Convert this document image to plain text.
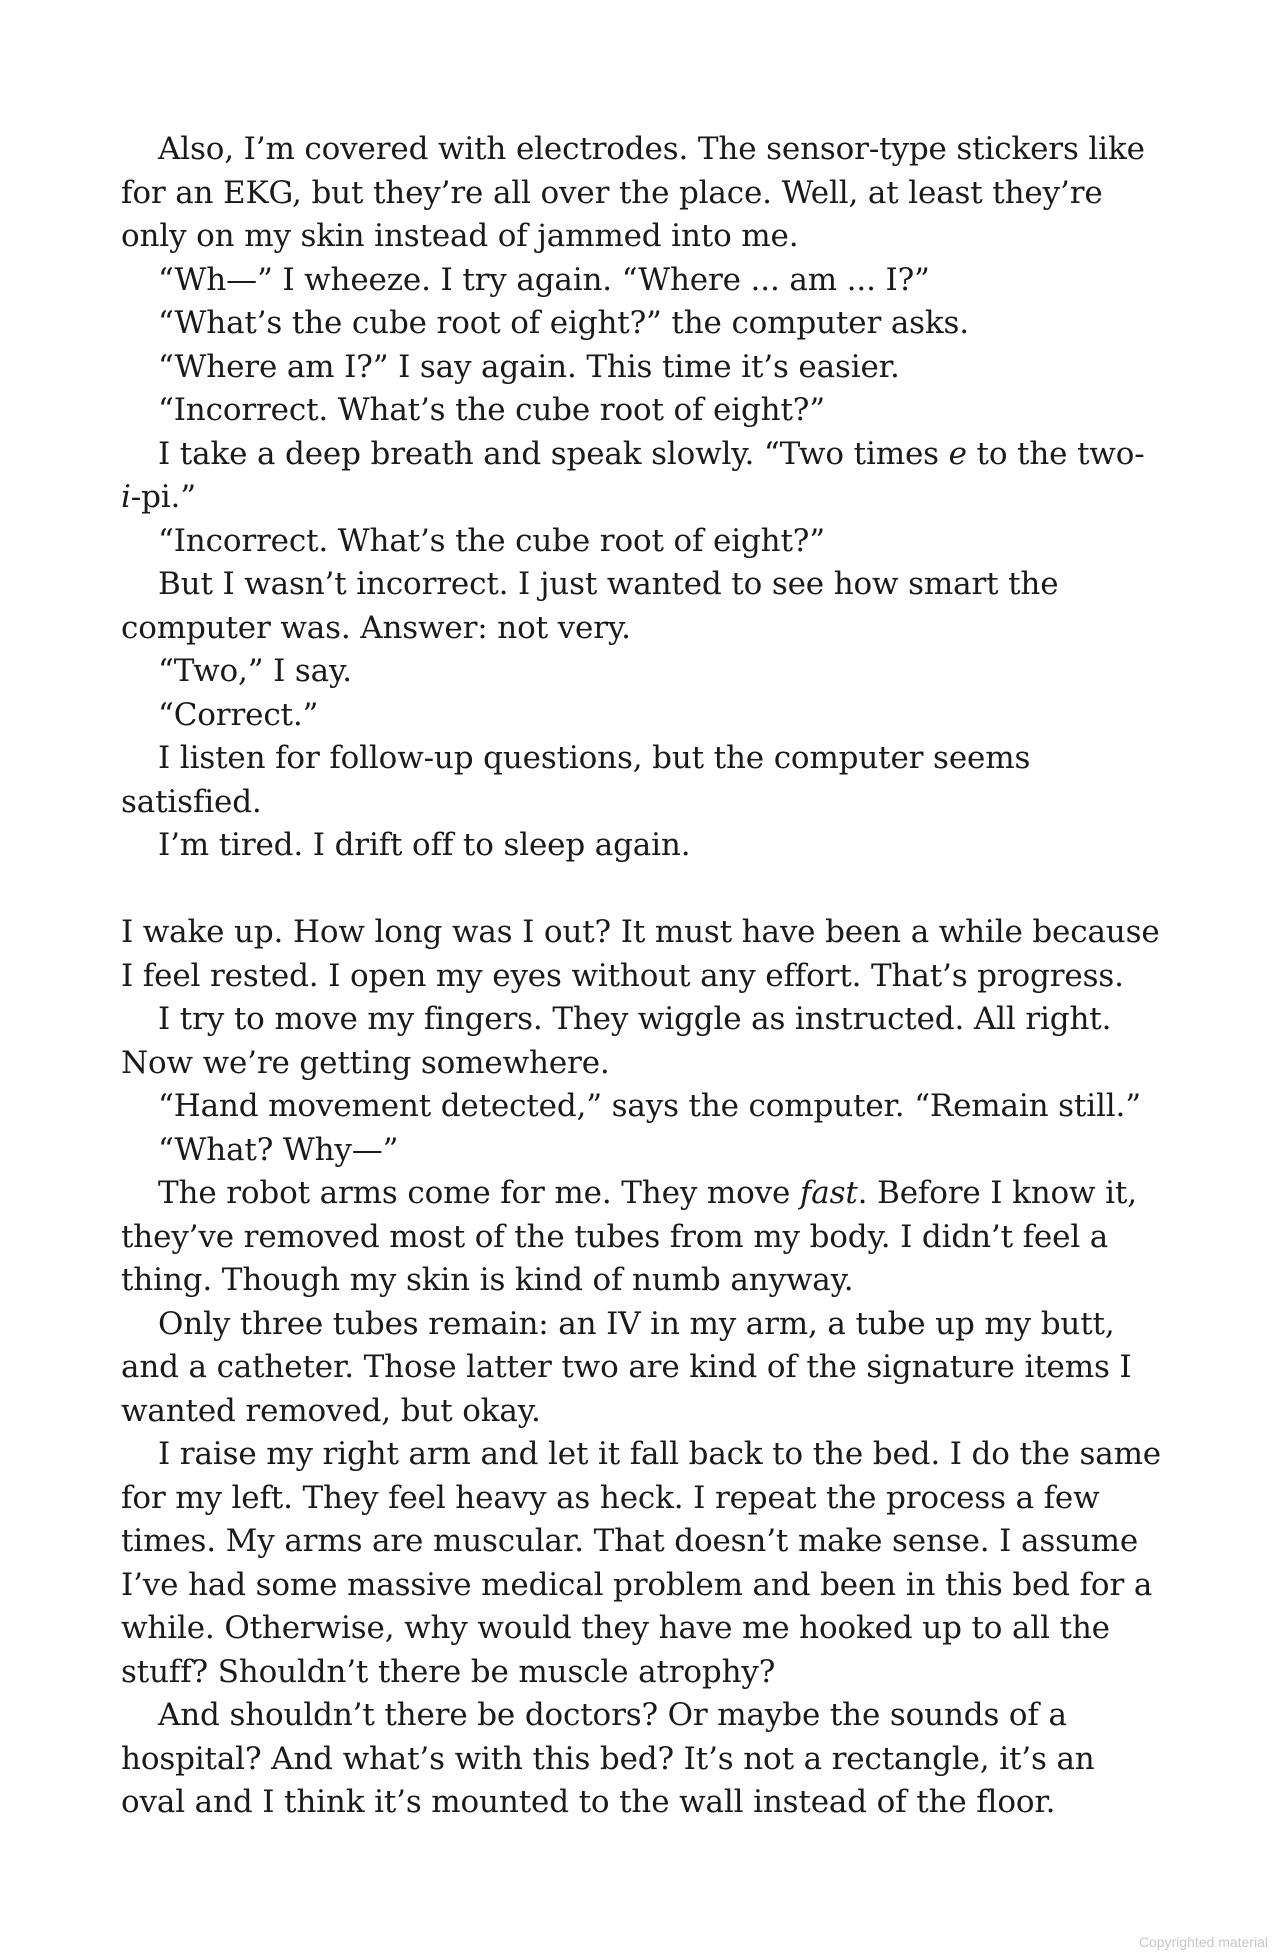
Also, I’m covered with electrodes. The sensor-type stickers like for an EKG, but they’re all over the place. Well, at least they’re only on my skin instead of jammed into me.

“Wh—” I wheeze. I try again. “Where ... am ... I?”

“What’s the cube root of eight?” the computer asks.

“Where am I?” I say again. This time it’s easier.

“Incorrect. What’s the cube root of eight?”

I take a deep breath and speak slowly. “Two times e to the two-
i-pi.”

“Incorrect. What’s the cube root of eight?”

But I wasn’t incorrect. I just wanted to see how smart the computer was. Answer: not very.

“Two,” I say.

“Correct.”

I listen for follow-up questions, but the computer seems satisfied.

I’m tired. I drift off to sleep again.

I wake up. How long was I out? It must have been a while because I feel rested. I open my eyes without any effort. That’s progress.

I try to move my fingers. They wiggle as instructed. All right. Now we’re getting somewhere.

“Hand movement detected,” says the computer. “Remain still.”

“What? Why—”

The robot arms come for me. They move fast. Before I know it, they’ve removed most of the tubes from my body. I didn’t feel a thing. Though my skin is kind of numb anyway.

Only three tubes remain: an IV in my arm, a tube up my butt, and a catheter. Those latter two are kind of the signature items I wanted removed, but okay.

I raise my right arm and let it fall back to the bed. I do the same for my left. They feel heavy as heck. I repeat the process a few times. My arms are muscular. That doesn’t make sense. I assume I’ve had some massive medical problem and been in this bed for a while. Otherwise, why would they have me hooked up to all the stuff? Shouldn’t there be muscle atrophy?

And shouldn’t there be doctors? Or maybe the sounds of a hospital? And what’s with this bed? It’s not a rectangle, it’s an oval and I think it’s mounted to the wall instead of the floor.

Copyrighted material
